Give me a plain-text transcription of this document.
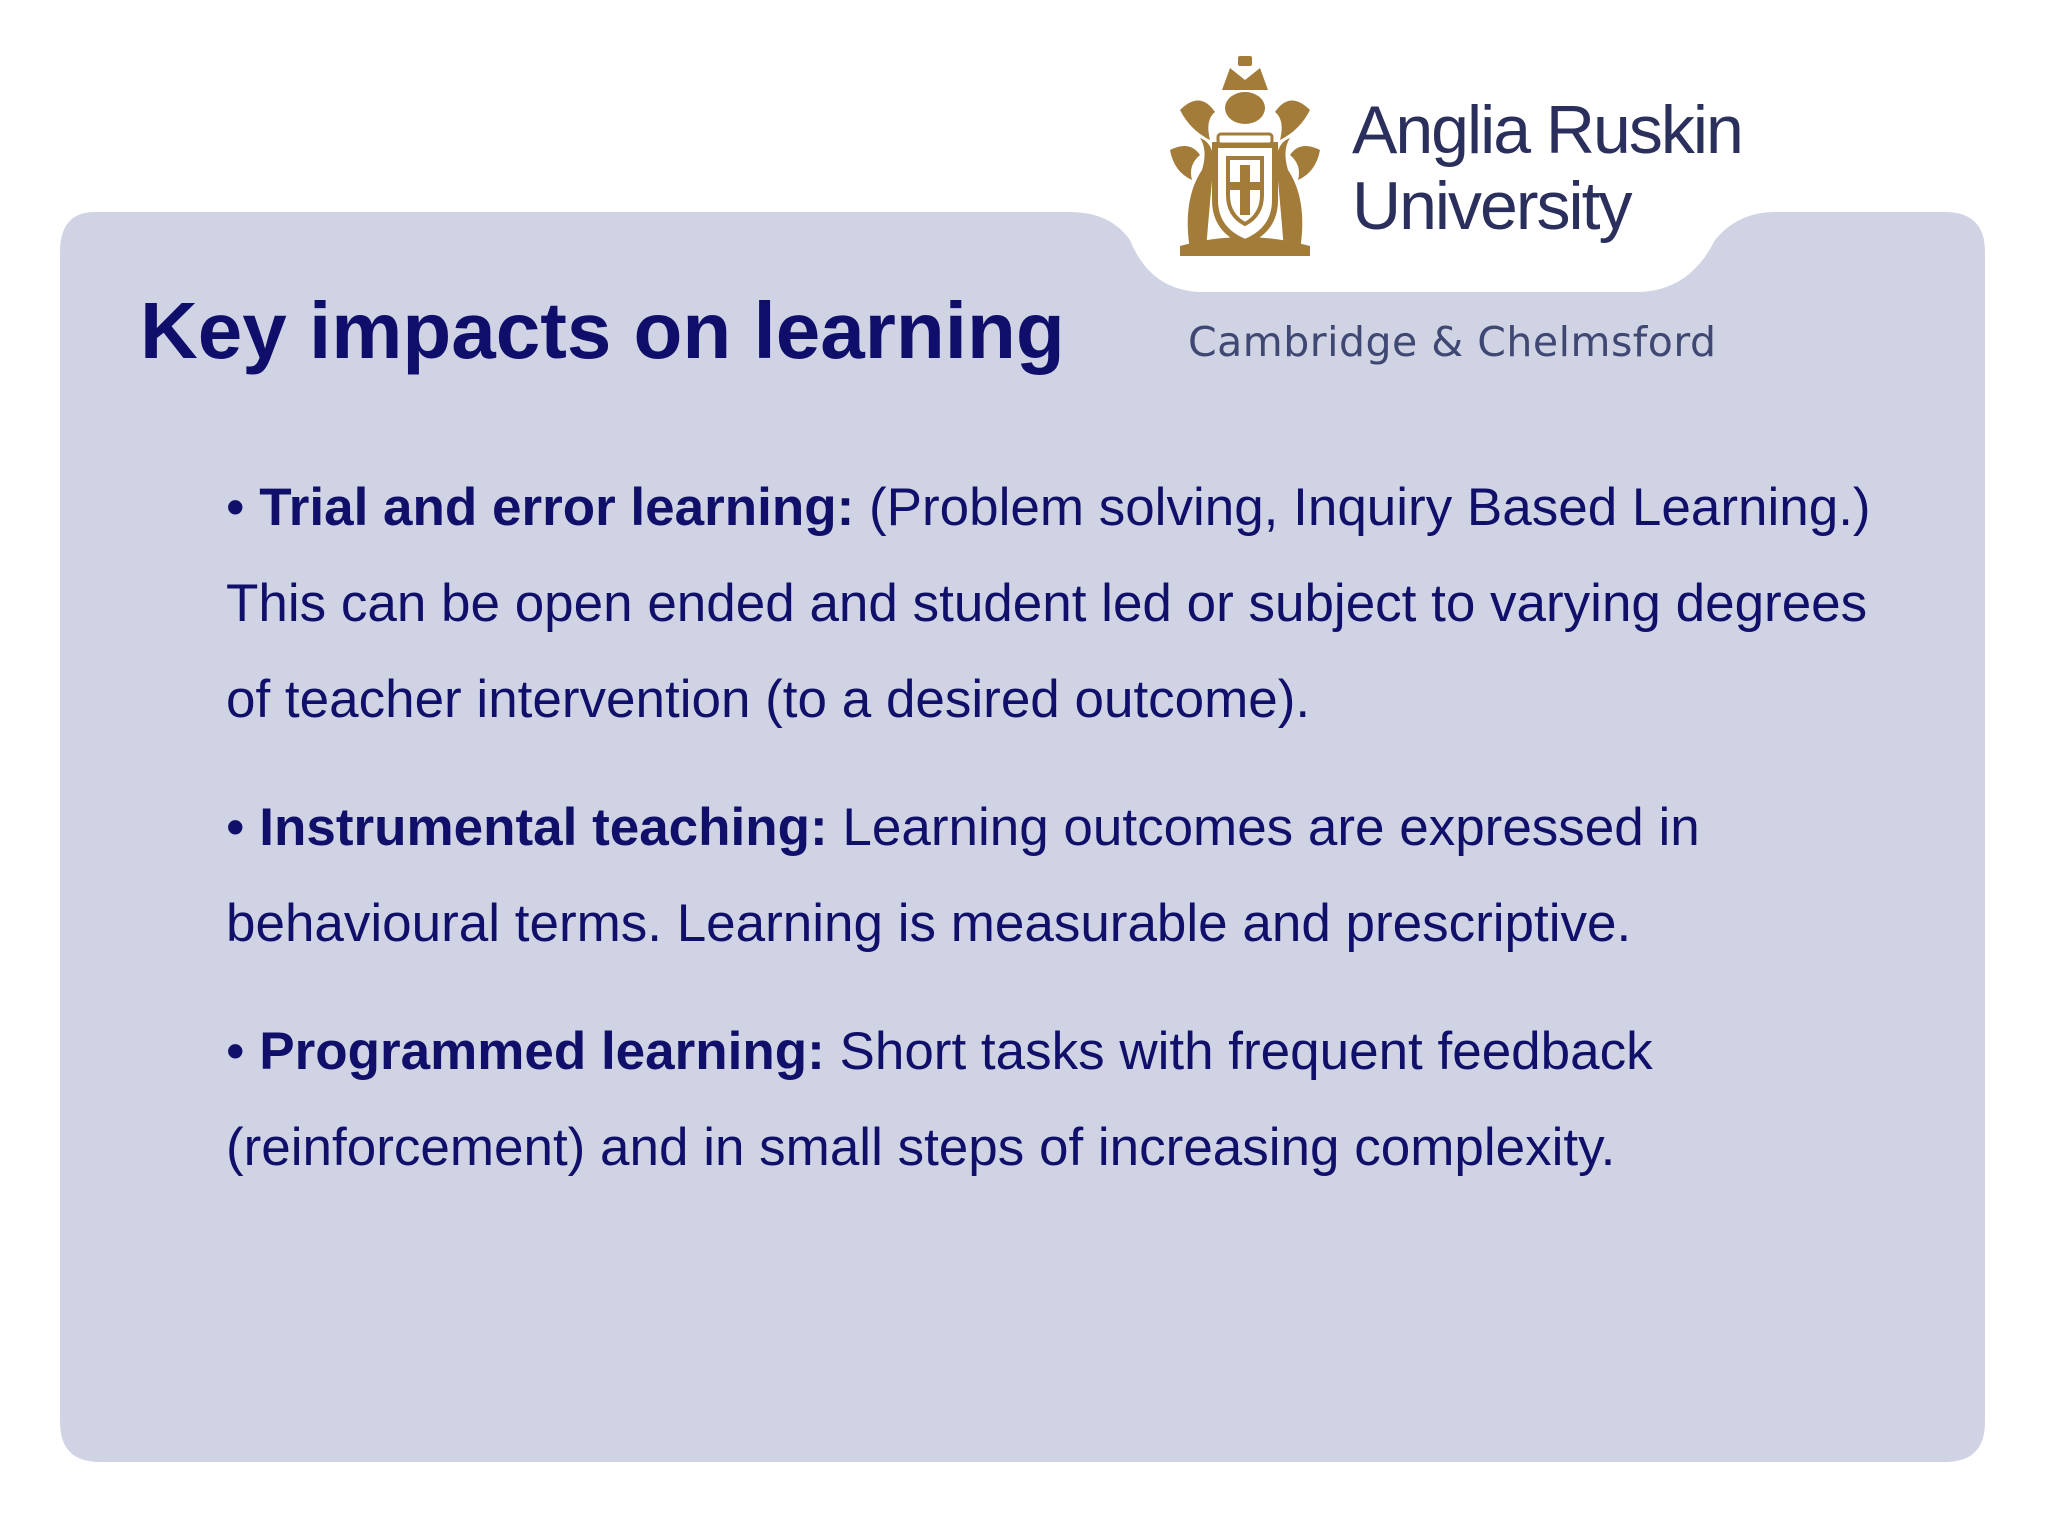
Anglia Ruskin
University
Cambridge & Chelmsford
Key impacts on learning
• Trial and error learning: (Problem solving, Inquiry Based Learning.) This can be open ended and student led or subject to varying degrees of teacher intervention (to a desired outcome).
• Instrumental teaching: Learning outcomes are expressed in behavioural terms. Learning is measurable and prescriptive.
• Programmed learning: Short tasks with frequent feedback (reinforcement) and in small steps of increasing complexity.
